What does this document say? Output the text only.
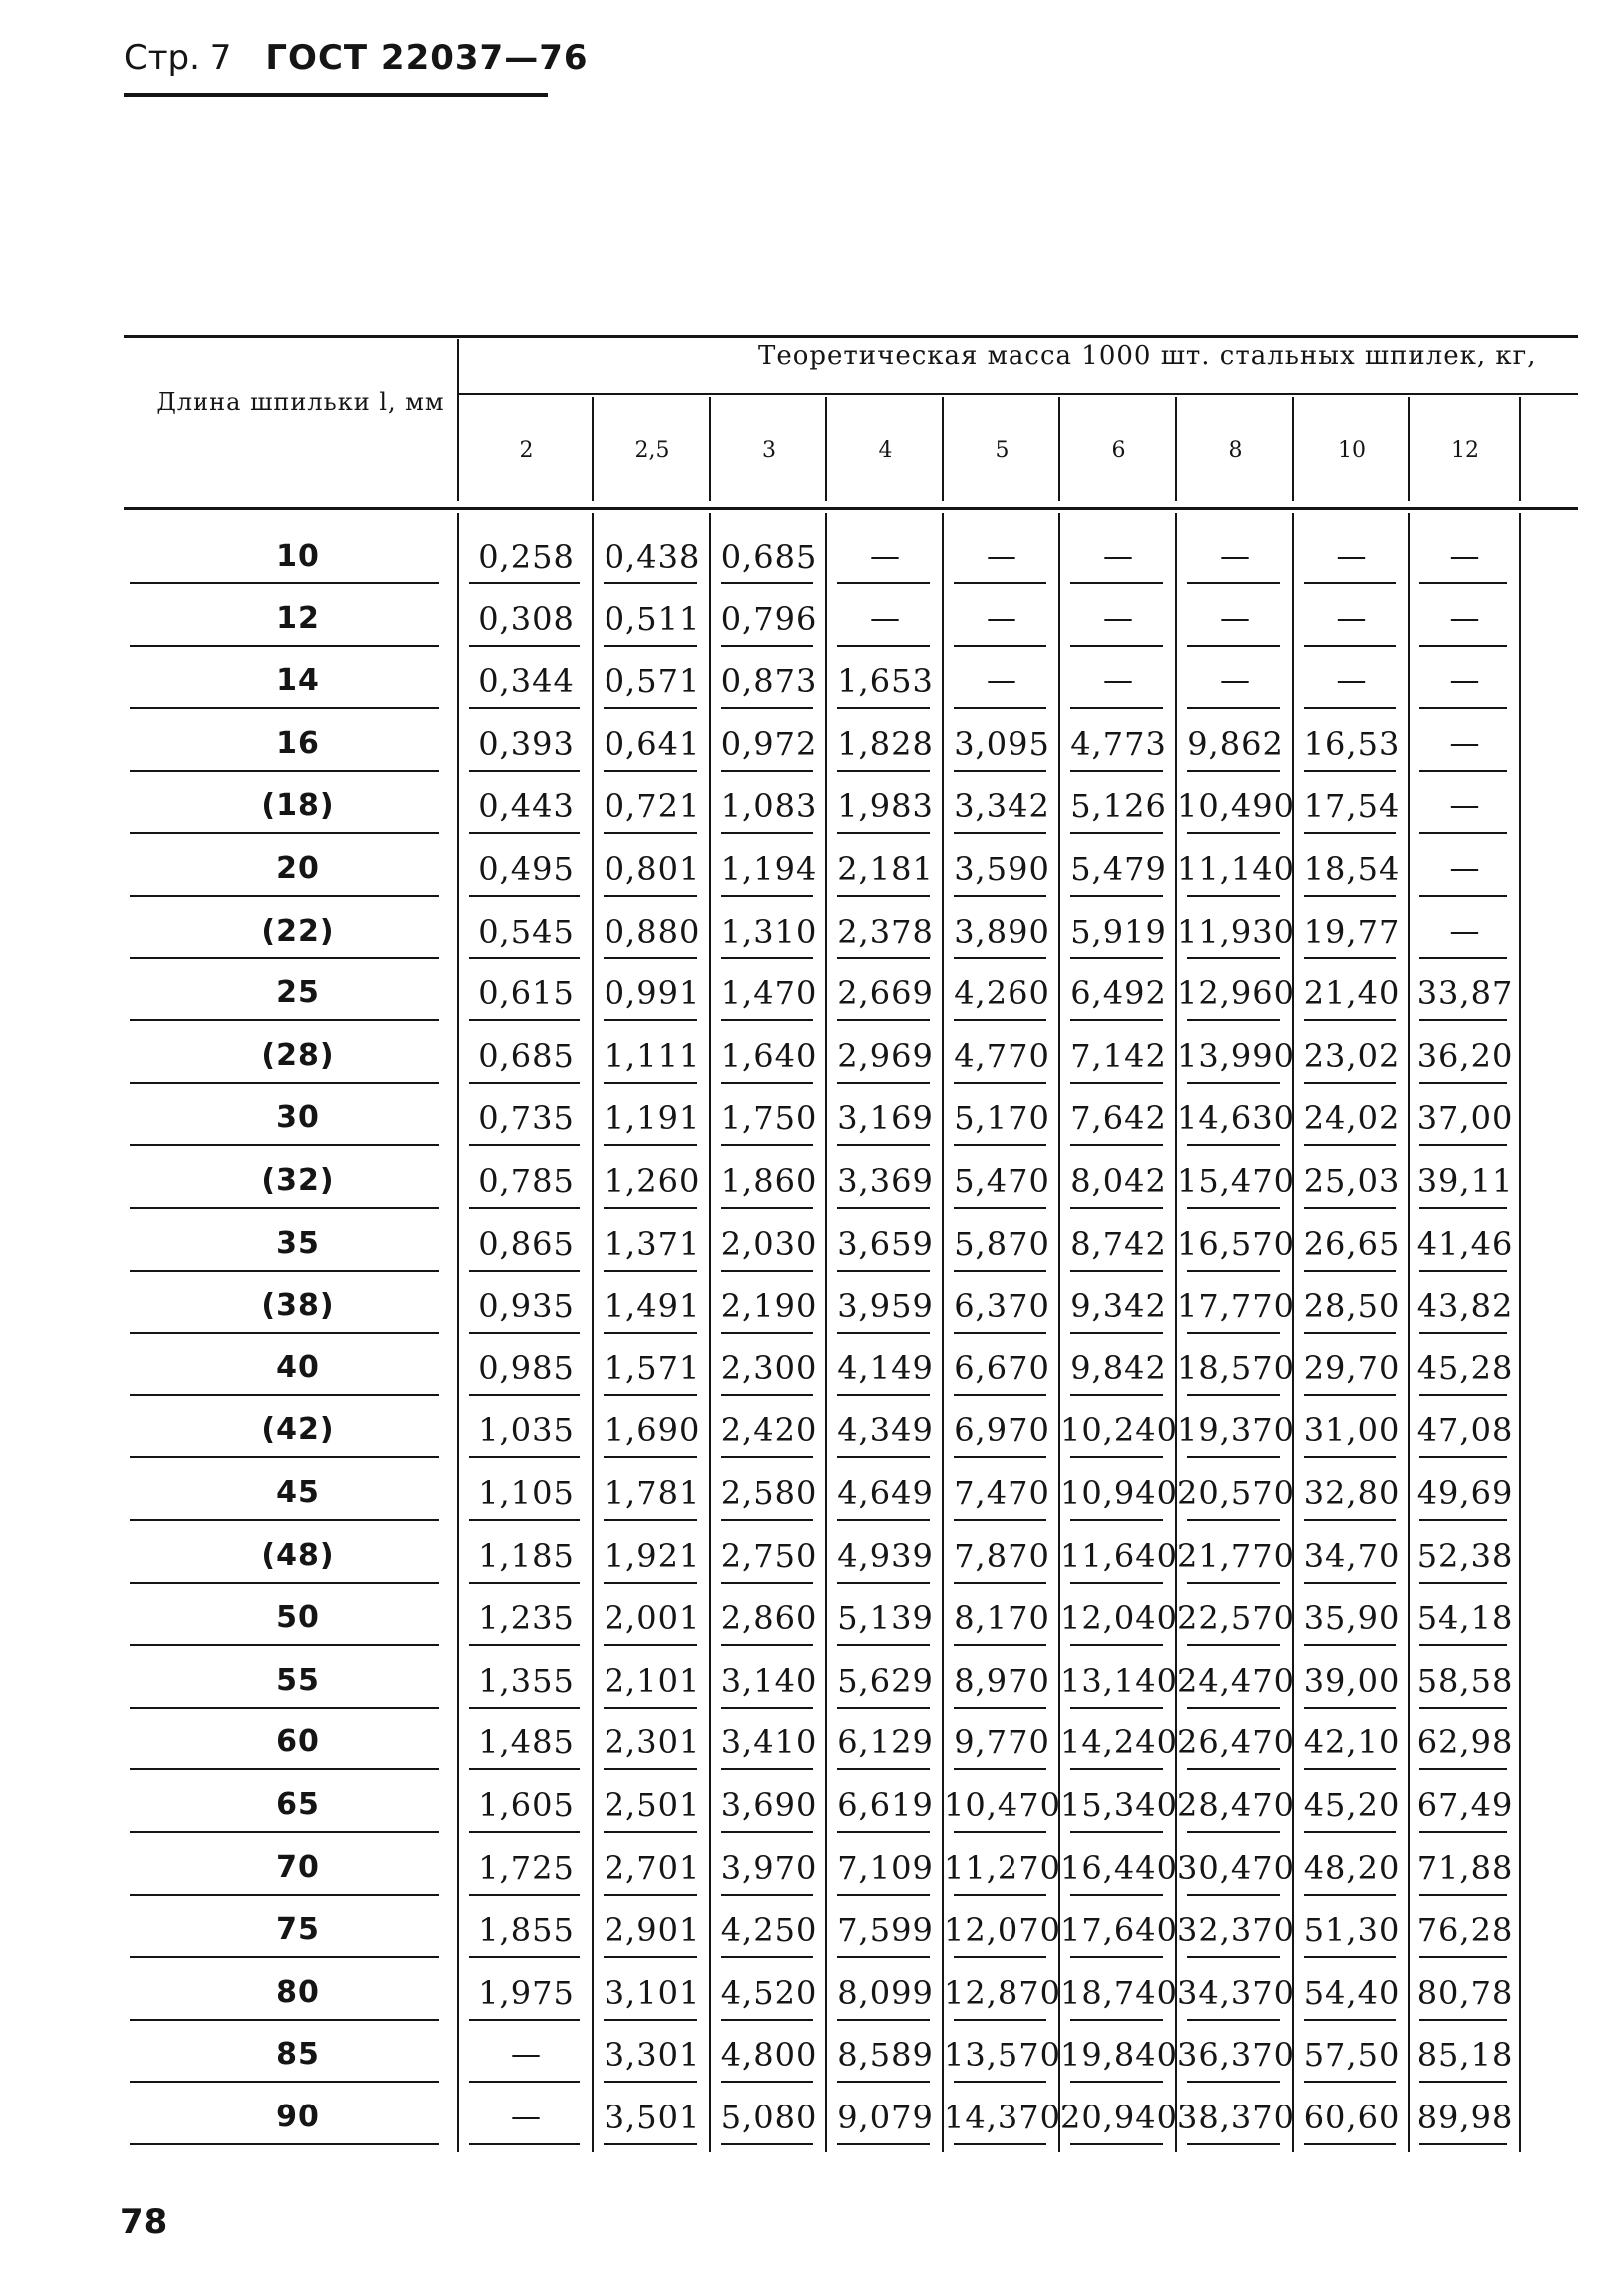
Стр. 7 ГОСТ 22037—76
Длина шпильки l, мм
Теоретическая масса 1000 шт. стальных шпилек, кг,
2	2,5	3	4	5	6	8	10	12
10	0,258 0,438 0,685	—	—	—	—	—	—
12	0,308 0,511 0,796	—	—	—	—	—	—
14	0,344 0,571 0,873 1,653	—	—	—	—	—
16	0,393 0,641 0,972 1,828 3,095 4,773 9,862 16,53	—
(18)	0,443 0,721 1,083 1,983 3,342 5,126 10,490 17,54	—
20	0,495 0,801 1,194 2,181 3,590 5,479 11,140 18,54	—
(22)	0,545 0,880 1,310 2,378 3,890 5,919 11,930 19,77	—
25	0,615 0,991 1,470 2,669 4,260 6,492 12,960 21,40 33,87
(28)	0,685 1,111 1,640 2,969 4,770 7,142 13,990 23,02 36,20
30	0,735 1,191 1,750 3,169 5,170 7,642 14,630 24,02 37,00
(32)	0,785 1,260 1,860 3,369 5,470 8,042 15,470 25,03 39,11
35	0,865 1,371 2,030 3,659 5,870 8,742 16,570 26,65 41,46
(38)	0,935 1,491 2,190 3,959 6,370 9,342 17,770 28,50 43,82
40	0,985 1,571 2,300 4,149 6,670 9,842 18,570 29,70 45,28
(42)	1,035 1,690 2,420 4,349 6,970 10,240 19,370 31,00 47,08
45	1,105 1,781 2,580 4,649 7,470 10,940 20,570 32,80 49,69
(48)	1,185 1,921 2,750 4,939 7,870 11,640 21,770 34,70 52,38
50	1,235 2,001 2,860 5,139 8,170 12,040 22,570 35,90 54,18
55	1,355 2,101 3,140 5,629 8,970 13,140 24,470 39,00 58,58
60	1,485 2,301 3,410 6,129 9,770 14,240 26,470 42,10 62,98
65	1,605 2,501 3,690 6,619 10,470 15,340 28,470 45,20 67,49
70	1,725 2,701 3,970 7,109 11,270 16,440 30,470 48,20 71,88
75	1,855 2,901 4,250 7,599 12,070 17,640 32,370 51,30 76,28
80	1,975 3,101 4,520 8,099 12,870 18,740 34,370 54,40 80,78
85	—	3,301 4,800 8,589 13,570 19,840 36,370 57,50 85,18
90	—	3,501 5,080 9,079 14,370 20,940 38,370 60,60 89,98
78
